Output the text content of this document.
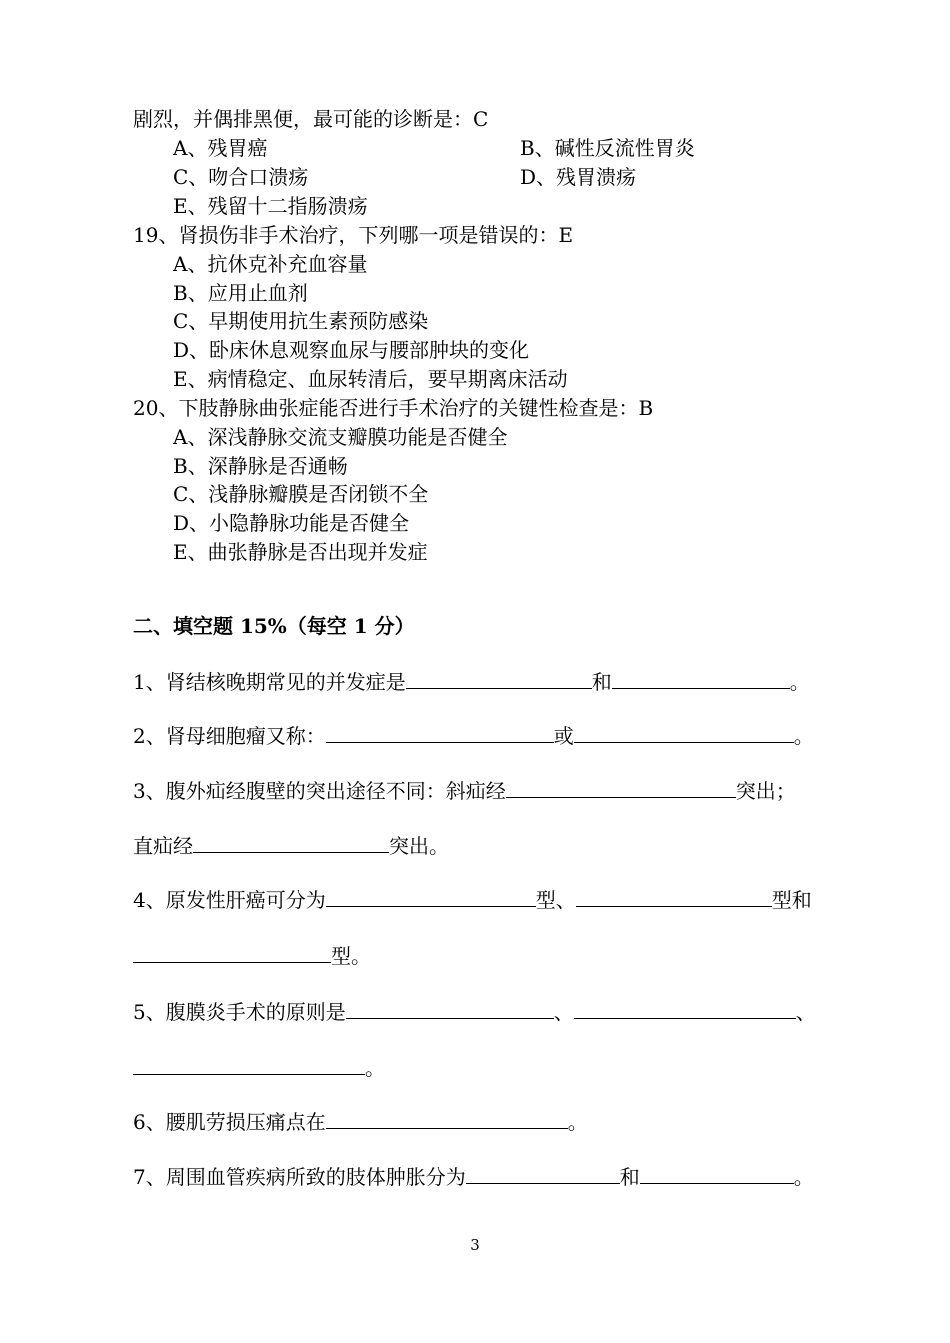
剧烈，并偶排黑便，最可能的诊断是：C
A、残胃癌	B、碱性反流性胃炎
C、吻合口溃疡	D、残胃溃疡
E、残留十二指肠溃疡
19、肾损伤非手术治疗，下列哪一项是错误的：E
A、抗休克补充血容量
B、应用止血剂
C、早期使用抗生素预防感染
D、卧床休息观察血尿与腰部肿块的变化
E、病情稳定、血尿转清后，要早期离床活动
20、下肢静脉曲张症能否进行手术治疗的关键性检查是：B
A、深浅静脉交流支瓣膜功能是否健全
B、深静脉是否通畅
C、浅静脉瓣膜是否闭锁不全
D、小隐静脉功能是否健全
E、曲张静脉是否出现并发症
二、填空题 15%（每空 1 分）
1、肾结核晚期常见的并发症是	和	。
2、肾母细胞瘤又称：	或	。
3、腹外疝经腹壁的突出途径不同：斜疝经	突出；
直疝经	突出。
4、原发性肝癌可分为	型、	型和
型。
5、腹膜炎手术的原则是	、	、
。
6、腰肌劳损压痛点在	。
7、周围血管疾病所致的肢体肿胀分为	和	。
3
